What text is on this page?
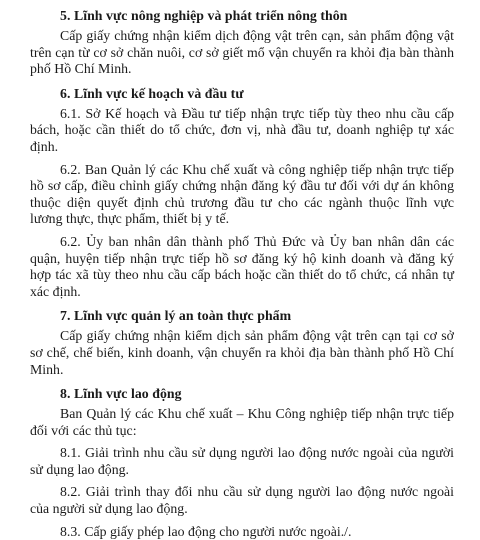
5. Lĩnh vực nông nghiệp và phát triển nông thôn

Cấp giấy chứng nhận kiểm dịch động vật trên cạn, sản phẩm động vật trên cạn từ cơ sở chăn nuôi, cơ sở giết mổ vận chuyển ra khỏi địa bàn thành phố Hồ Chí Minh.

6. Lĩnh vực kế hoạch và đầu tư

6.1. Sở Kế hoạch và Đầu tư tiếp nhận trực tiếp tùy theo nhu cầu cấp bách, hoặc cần thiết do tổ chức, đơn vị, nhà đầu tư, doanh nghiệp tự xác định.

6.2. Ban Quản lý các Khu chế xuất và công nghiệp tiếp nhận trực tiếp hồ sơ cấp, điều chỉnh giấy chứng nhận đăng ký đầu tư đối với dự án không thuộc diện quyết định chủ trương đầu tư cho các ngành thuộc lĩnh vực lương thực, thực phẩm, thiết bị y tế.

6.2. Ủy ban nhân dân thành phố Thủ Đức và Ủy ban nhân dân các quận, huyện tiếp nhận trực tiếp hồ sơ đăng ký hộ kinh doanh và đăng ký hợp tác xã tùy theo nhu cầu cấp bách hoặc cần thiết do tổ chức, cá nhân tự xác định.

7. Lĩnh vực quản lý an toàn thực phẩm

Cấp giấy chứng nhận kiểm dịch sản phẩm động vật trên cạn tại cơ sở sơ chế, chế biến, kinh doanh, vận chuyển ra khỏi địa bàn thành phố Hồ Chí Minh.

8. Lĩnh vực lao động

Ban Quản lý các Khu chế xuất – Khu Công nghiệp tiếp nhận trực tiếp đối với các thủ tục:

8.1. Giải trình nhu cầu sử dụng người lao động nước ngoài của người sử dụng lao động.

8.2. Giải trình thay đổi nhu cầu sử dụng người lao động nước ngoài của người sử dụng lao động.

8.3. Cấp giấy phép lao động cho người nước ngoài./.
